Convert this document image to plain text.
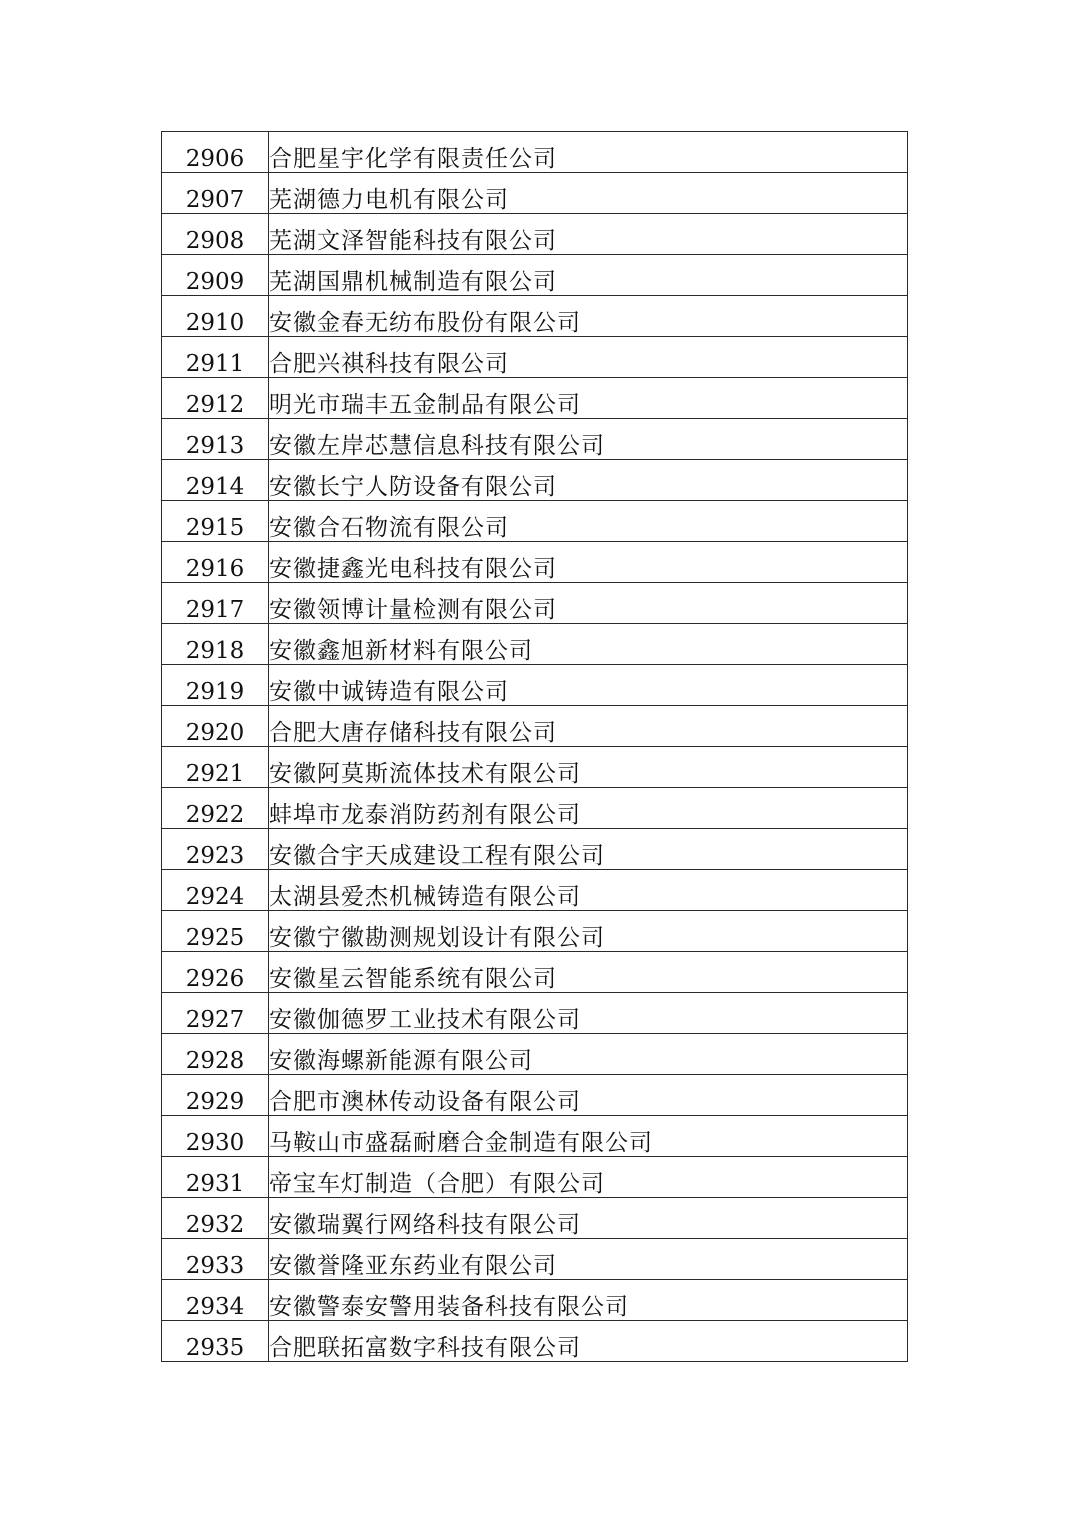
2906	合肥星宇化学有限责任公司
2907	芜湖德力电机有限公司
2908	芜湖文泽智能科技有限公司
2909	芜湖国鼎机械制造有限公司
2910	安徽金春无纺布股份有限公司
2911	合肥兴祺科技有限公司
2912	明光市瑞丰五金制品有限公司
2913	安徽左岸芯慧信息科技有限公司
2914	安徽长宁人防设备有限公司
2915	安徽合石物流有限公司
2916	安徽捷鑫光电科技有限公司
2917	安徽领博计量检测有限公司
2918	安徽鑫旭新材料有限公司
2919	安徽中诚铸造有限公司
2920	合肥大唐存储科技有限公司
2921	安徽阿莫斯流体技术有限公司
2922	蚌埠市龙泰消防药剂有限公司
2923	安徽合宇天成建设工程有限公司
2924	太湖县爱杰机械铸造有限公司
2925	安徽宁徽勘测规划设计有限公司
2926	安徽星云智能系统有限公司
2927	安徽伽德罗工业技术有限公司
2928	安徽海螺新能源有限公司
2929	合肥市澳林传动设备有限公司
2930	马鞍山市盛磊耐磨合金制造有限公司
2931	帝宝车灯制造（合肥）有限公司
2932	安徽瑞翼行网络科技有限公司
2933	安徽誉隆亚东药业有限公司
2934	安徽警泰安警用装备科技有限公司
2935	合肥联拓富数字科技有限公司
